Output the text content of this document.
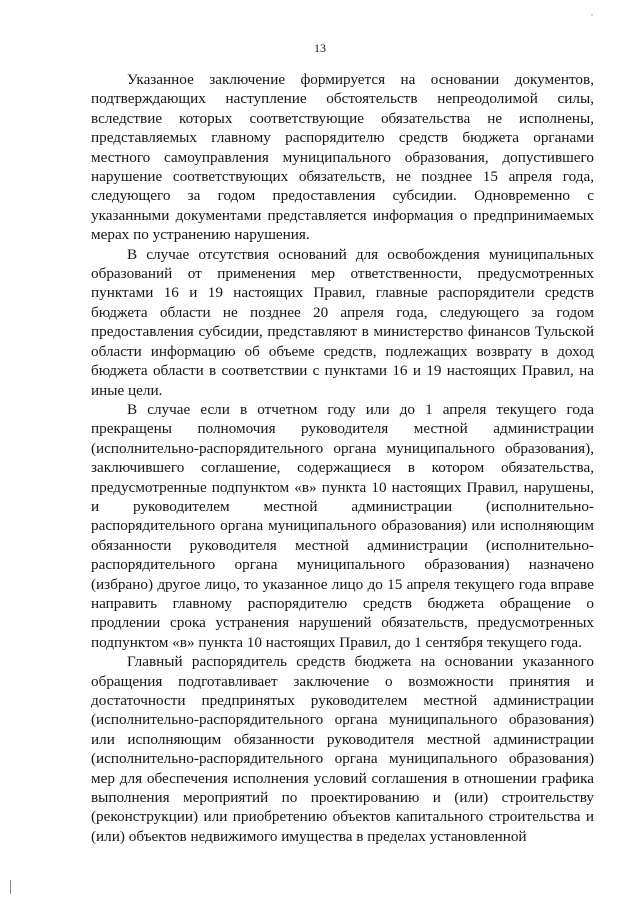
13

Указанное заключение формируется на основании документов, подтверждающих наступление обстоятельств непреодолимой силы, вследствие которых соответствующие обязательства не исполнены, представляемых главному распорядителю средств бюджета органами местного самоуправления муниципального образования, допустившего нарушение соответствующих обязательств, не позднее 15 апреля года, следующего за годом предоставления субсидии. Одновременно с указанными документами представляется информация о предпринимаемых мерах по устранению нарушения.

В случае отсутствия оснований для освобождения муниципальных образований от применения мер ответственности, предусмотренных пунктами 16 и 19 настоящих Правил, главные распорядители средств бюджета области не позднее 20 апреля года, следующего за годом предоставления субсидии, представляют в министерство финансов Тульской области информацию об объеме средств, подлежащих возврату в доход бюджета области в соответствии с пунктами 16 и 19 настоящих Правил, на иные цели.

В случае если в отчетном году или до 1 апреля текущего года прекращены полномочия руководителя местной администрации (исполнительно-распорядительного органа муниципального образования), заключившего соглашение, содержащиеся в котором обязательства, предусмотренные подпунктом «в» пункта 10 настоящих Правил, нарушены, и руководителем местной администрации (исполнительно-распорядительного органа муниципального образования) или исполняющим обязанности руководителя местной администрации (исполнительно-распорядительного органа муниципального образования) назначено (избрано) другое лицо, то указанное лицо до 15 апреля текущего года вправе направить главному распорядителю средств бюджета обращение о продлении срока устранения нарушений обязательств, предусмотренных подпунктом «в» пункта 10 настоящих Правил, до 1 сентября текущего года.

Главный распорядитель средств бюджета на основании указанного обращения подготавливает заключение о возможности принятия и достаточности предпринятых руководителем местной администрации (исполнительно-распорядительного органа муниципального образования) или исполняющим обязанности руководителя местной администрации (исполнительно-распорядительного органа муниципального образования) мер для обеспечения исполнения условий соглашения в отношении графика выполнения мероприятий по проектированию и (или) строительству (реконструкции) или приобретению объектов капитального строительства и (или) объектов недвижимого имущества в пределах установленной
